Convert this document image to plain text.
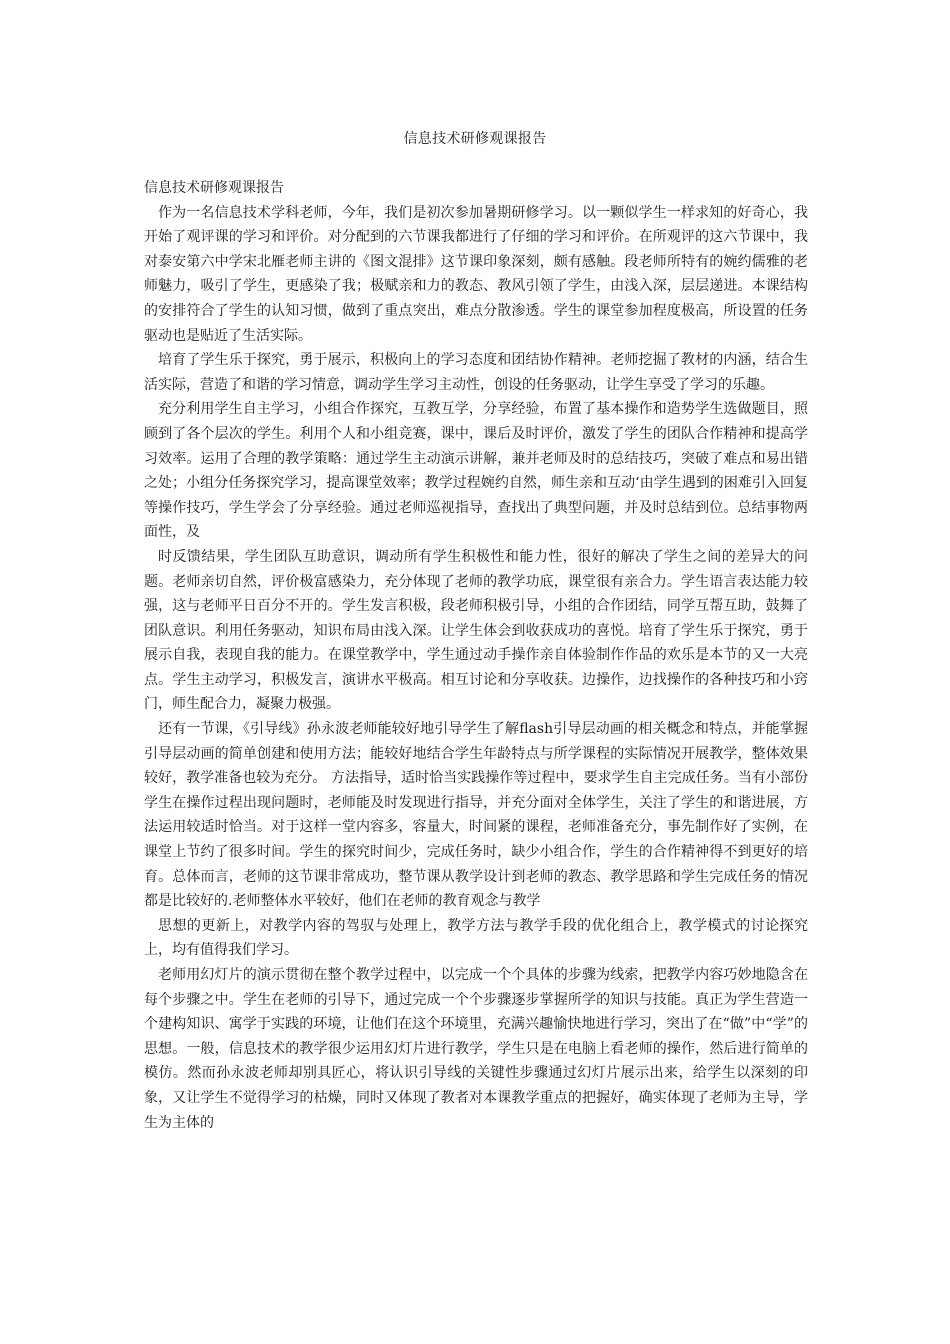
信息技术研修观课报告

信息技术研修观课报告

作为一名信息技术学科老师，今年，我们是初次参加暑期研修学习。以一颗似学生一样求知的好奇心，我开始了观评课的学习和评价。对分配到的六节课我都进行了仔细的学习和评价。在所观评的这六节课中，我对泰安第六中学宋北雁老师主讲的《图文混排》这节课印象深刻，颇有感触。段老师所特有的婉约儒雅的老师魅力，吸引了学生，更感染了我；极赋亲和力的教态、教风引领了学生，由浅入深，层层递进。本课结构的安排符合了学生的认知习惯，做到了重点突出，难点分散渗透。学生的课堂参加程度极高，所设置的任务驱动也是贴近了生活实际。

培育了学生乐于探究，勇于展示，积极向上的学习态度和团结协作精神。老师挖掘了教材的内涵，结合生活实际，营造了和谐的学习情意，调动学生学习主动性，创设的任务驱动，让学生享受了学习的乐趣。

充分利用学生自主学习，小组合作探究，互教互学，分享经验，布置了基本操作和造势学生选做题目，照顾到了各个层次的学生。利用个人和小组竞赛，课中，课后及时评价，激发了学生的团队合作精神和提高学习效率。运用了合理的教学策略：通过学生主动演示讲解，兼并老师及时的总结技巧，突破了难点和易出错之处；小组分任务探究学习，提高课堂效率；教学过程婉约自然，师生亲和互动‘由学生遇到的困难引入回复等操作技巧，学生学会了分享经验。通过老师巡视指导，查找出了典型问题，并及时总结到位。总结事物两面性，及

时反馈结果，学生团队互助意识，调动所有学生积极性和能力性，很好的解决了学生之间的差异大的问题。老师亲切自然，评价极富感染力，充分体现了老师的教学功底，课堂很有亲合力。学生语言表达能力较强，这与老师平日百分不开的。学生发言积极，段老师积极引导，小组的合作团结，同学互帮互助，鼓舞了团队意识。利用任务驱动，知识布局由浅入深。让学生体会到收获成功的喜悦。培育了学生乐于探究，勇于展示自我，表现自我的能力。在课堂教学中，学生通过动手操作亲自体验制作作品的欢乐是本节的又一大亮点。学生主动学习，积极发言，演讲水平极高。相互讨论和分享收获。边操作，边找操作的各种技巧和小窍门，师生配合力，凝聚力极强。

还有一节课，《引导线》孙永波老师能较好地引导学生了解flash引导层动画的相关概念和特点，并能掌握引导层动画的简单创建和使用方法；能较好地结合学生年龄特点与所学课程的实际情况开展教学，整体效果较好，教学准备也较为充分。 方法指导，适时恰当实践操作等过程中，要求学生自主完成任务。当有小部份学生在操作过程出现问题时，老师能及时发现进行指导，并充分面对全体学生，关注了学生的和谐进展，方法运用较适时恰当。对于这样一堂内容多，容量大，时间紧的课程，老师准备充分，事先制作好了实例，在课堂上节约了很多时间。学生的探究时间少，完成任务时，缺少小组合作，学生的合作精神得不到更好的培育。总体而言，老师的这节课非常成功，整节课从教学设计到老师的教态、教学思路和学生完成任务的情况都是比较好的.老师整体水平较好，他们在老师的教育观念与教学

思想的更新上，对教学内容的驾驭与处理上，教学方法与教学手段的优化组合上，教学模式的讨论探究上，均有值得我们学习。

老师用幻灯片的演示贯彻在整个教学过程中，以完成一个个具体的步骤为线索，把教学内容巧妙地隐含在每个步骤之中。学生在老师的引导下，通过完成一个个步骤逐步掌握所学的知识与技能。真正为学生营造一个建构知识、寓学于实践的环境，让他们在这个环境里，充满兴趣愉快地进行学习，突出了在“做”中“学”的思想。一般，信息技术的教学很少运用幻灯片进行教学，学生只是在电脑上看老师的操作，然后进行简单的模仿。然而孙永波老师却别具匠心，将认识引导线的关键性步骤通过幻灯片展示出来，给学生以深刻的印象，又让学生不觉得学习的枯燥，同时又体现了教者对本课教学重点的把握好，确实体现了老师为主导，学生为主体的
